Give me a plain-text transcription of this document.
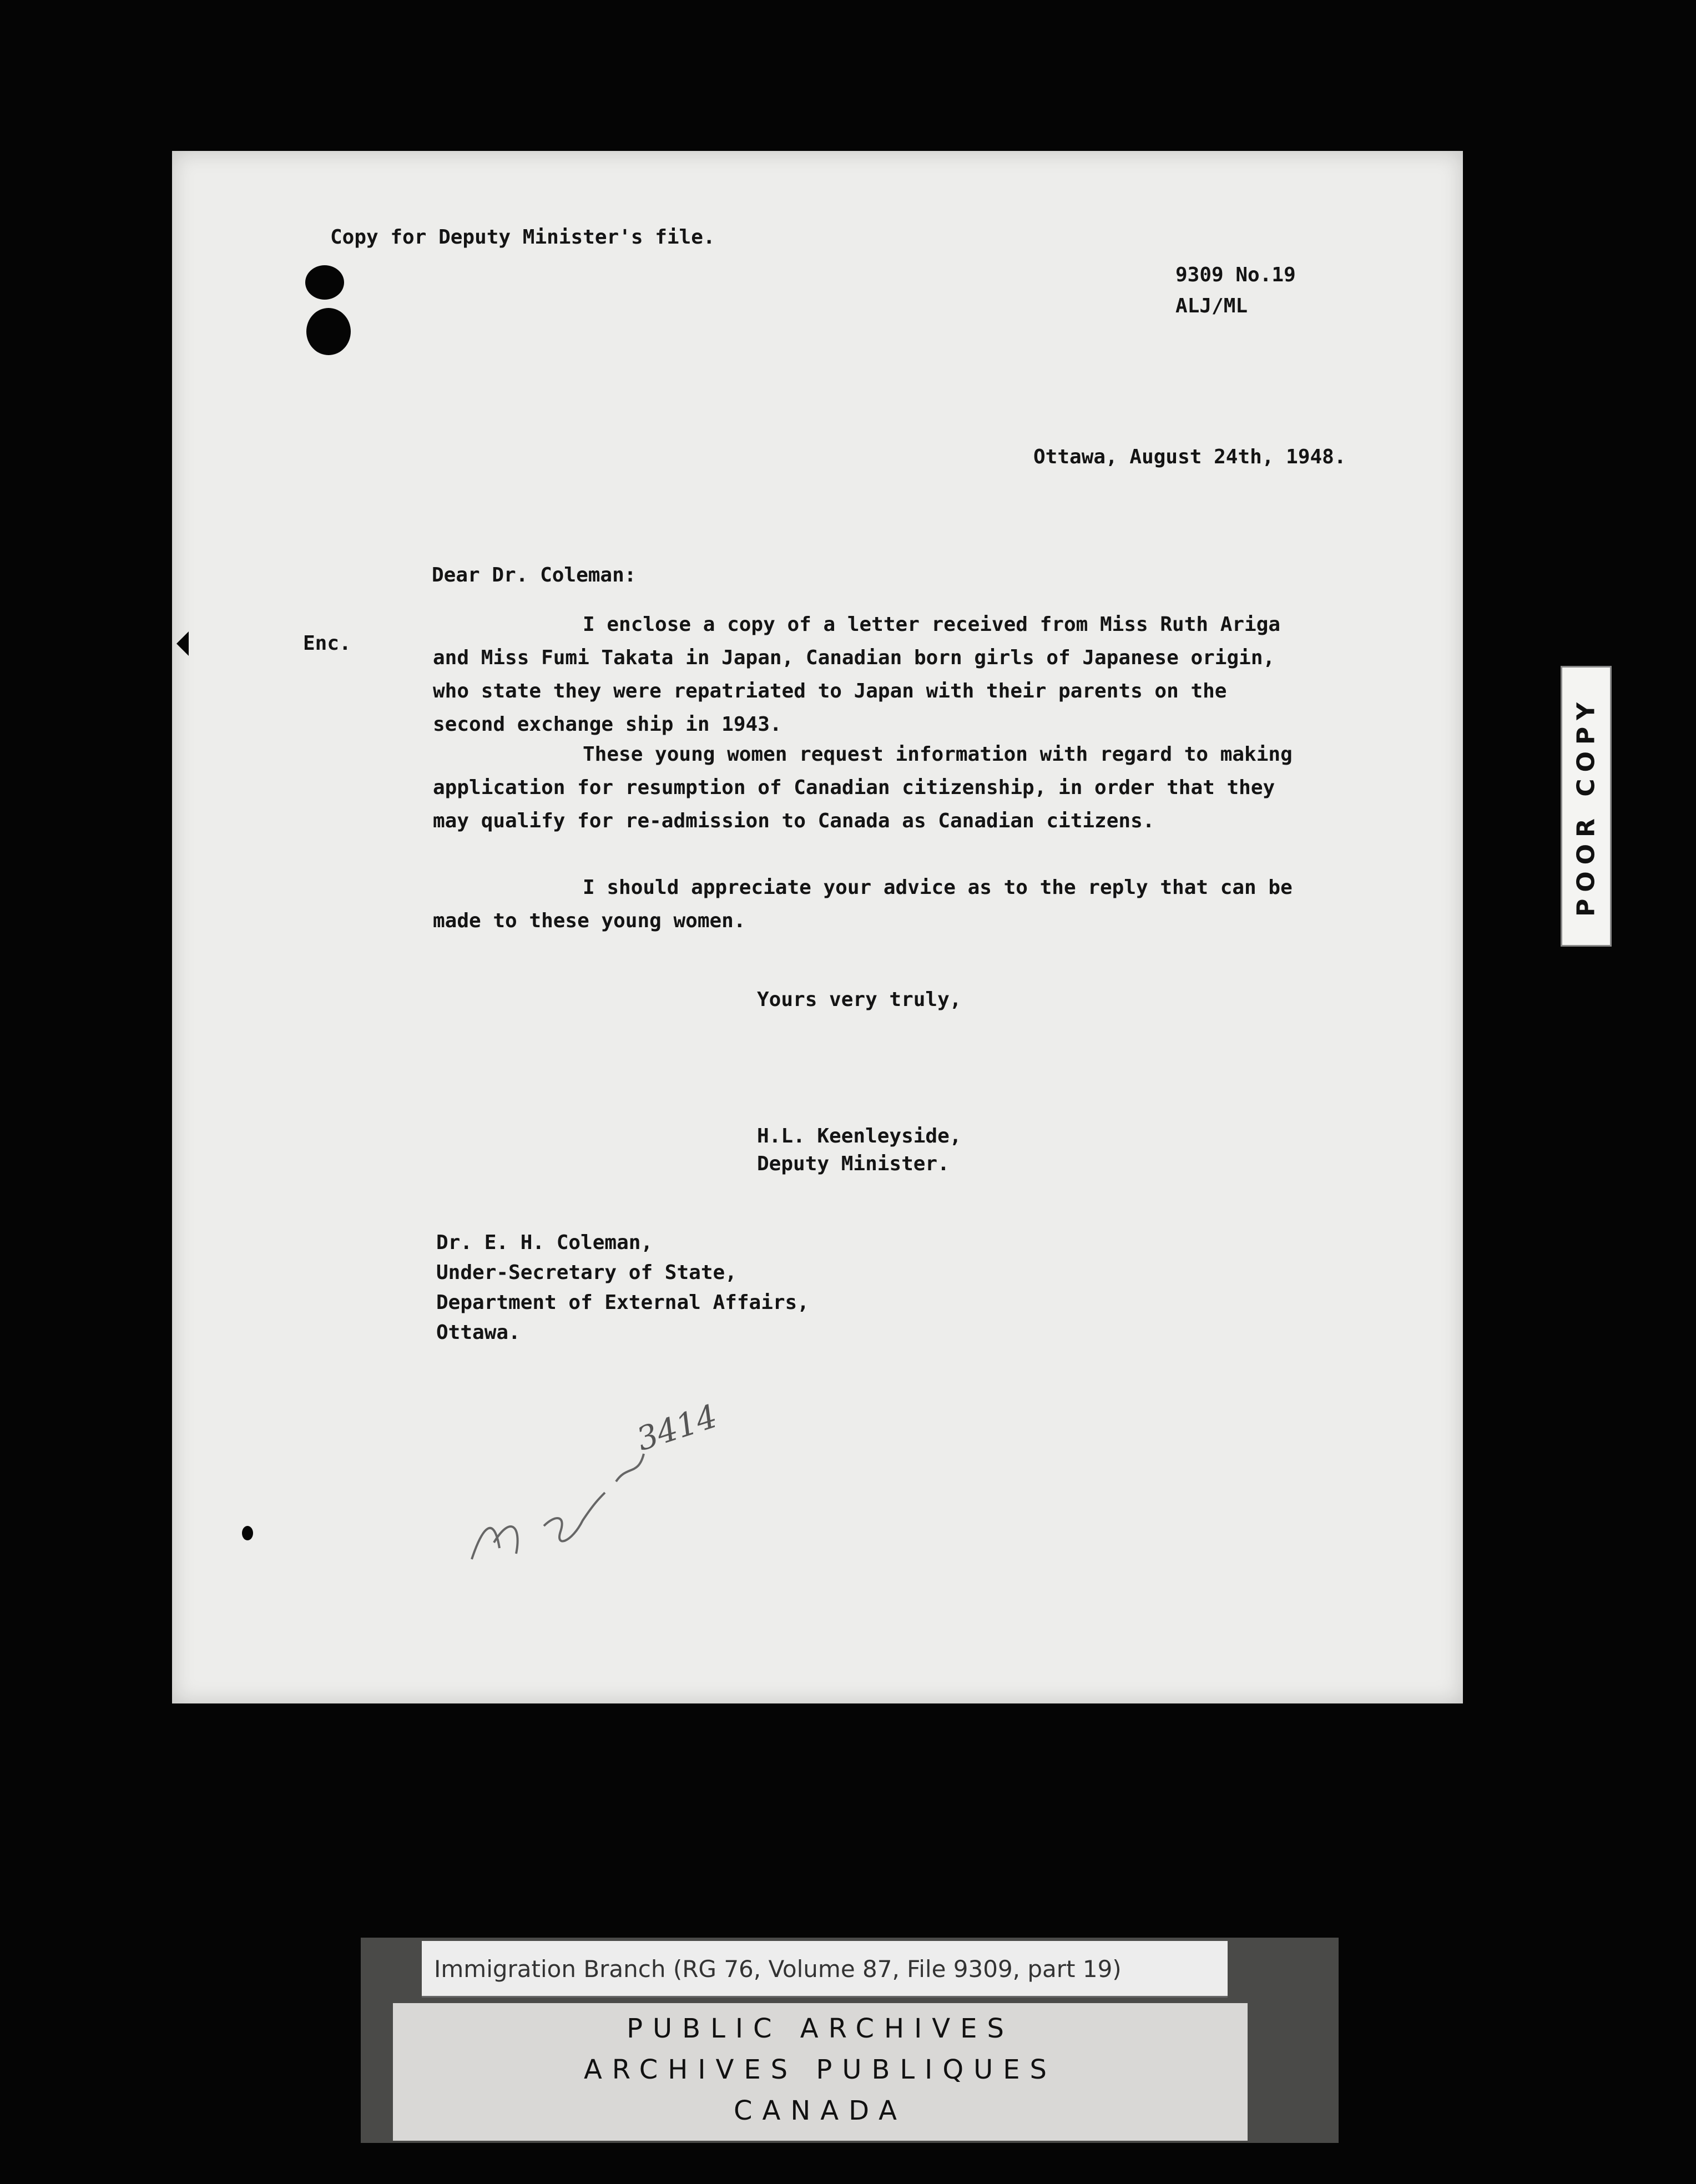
Copy for Deputy Minister's file.

9309 No.19

ALJ/ML

Ottawa, August 24th, 1948.

Dear Dr. Coleman:

Enc.

I enclose a copy of a letter received from Miss Ruth Ariga and Miss Fumi Takata in Japan, Canadian born girls of Japanese origin, who state they were repatriated to Japan with their parents on the second exchange ship in 1943.

These young women request information with regard to making application for resumption of Canadian citizenship, in order that they may qualify for re-admission to Canada as Canadian citizens.

I should appreciate your advice as to the reply that can be made to these young women.

Yours very truly,

H.L. Keenleyside,

Deputy Minister.

Dr. E. H. Coleman,

Under-Secretary of State,

Department of External Affairs,

Ottawa.

3414
POOR COPY
Immigration Branch (RG 76, Volume 87, File 9309, part 19)
PUBLIC ARCHIVES
ARCHIVES PUBLIQUES
CANADA
